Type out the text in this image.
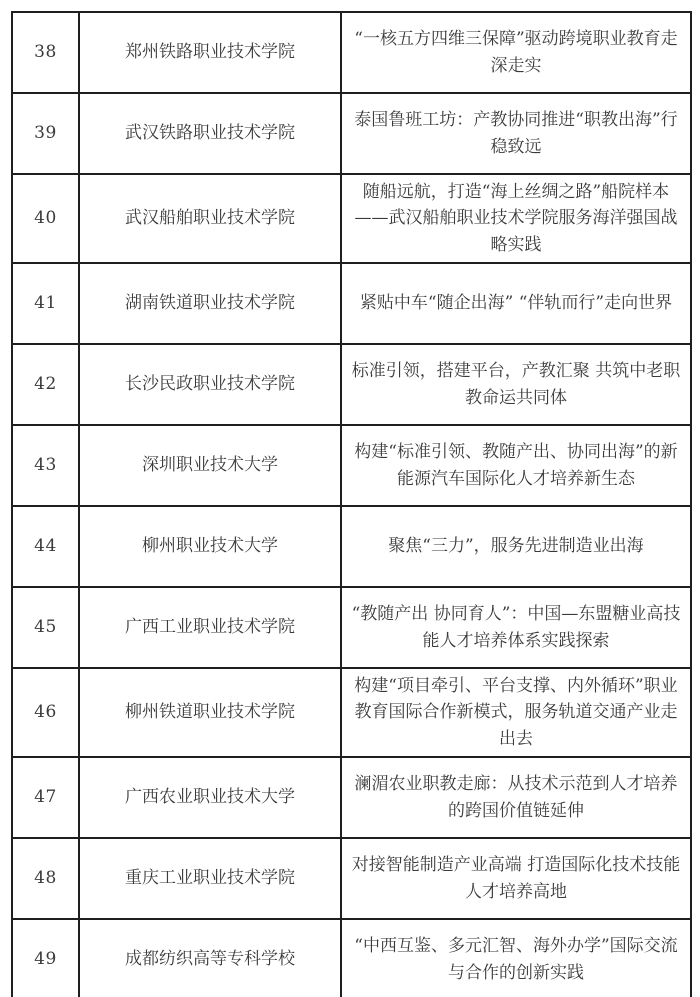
38	郑州铁路职业技术学院	“一核五方四维三保障”驱动跨境职业教育走深走实
39	武汉铁路职业技术学院	泰国鲁班工坊：产教协同推进“职教出海”行稳致远
40	武汉船舶职业技术学院	随船远航，打造“海上丝绸之路”船院样本——武汉船舶职业技术学院服务海洋强国战略实践
41	湖南铁道职业技术学院	紧贴中车“随企出海” “伴轨而行”走向世界
42	长沙民政职业技术学院	标准引领，搭建平台，产教汇聚 共筑中老职教命运共同体
43	深圳职业技术大学	构建“标准引领、教随产出、协同出海”的新能源汽车国际化人才培养新生态
44	柳州职业技术大学	聚焦“三力”，服务先进制造业出海
45	广西工业职业技术学院	“教随产出 协同育人”：中国—东盟糖业高技能人才培养体系实践探索
46	柳州铁道职业技术学院	构建“项目牵引、平台支撑、内外循环”职业教育国际合作新模式，服务轨道交通产业走出去
47	广西农业职业技术大学	澜湄农业职教走廊：从技术示范到人才培养的跨国价值链延伸
48	重庆工业职业技术学院	对接智能制造产业高端 打造国际化技术技能人才培养高地
49	成都纺织高等专科学校	“中西互鉴、多元汇智、海外办学”国际交流与合作的创新实践
